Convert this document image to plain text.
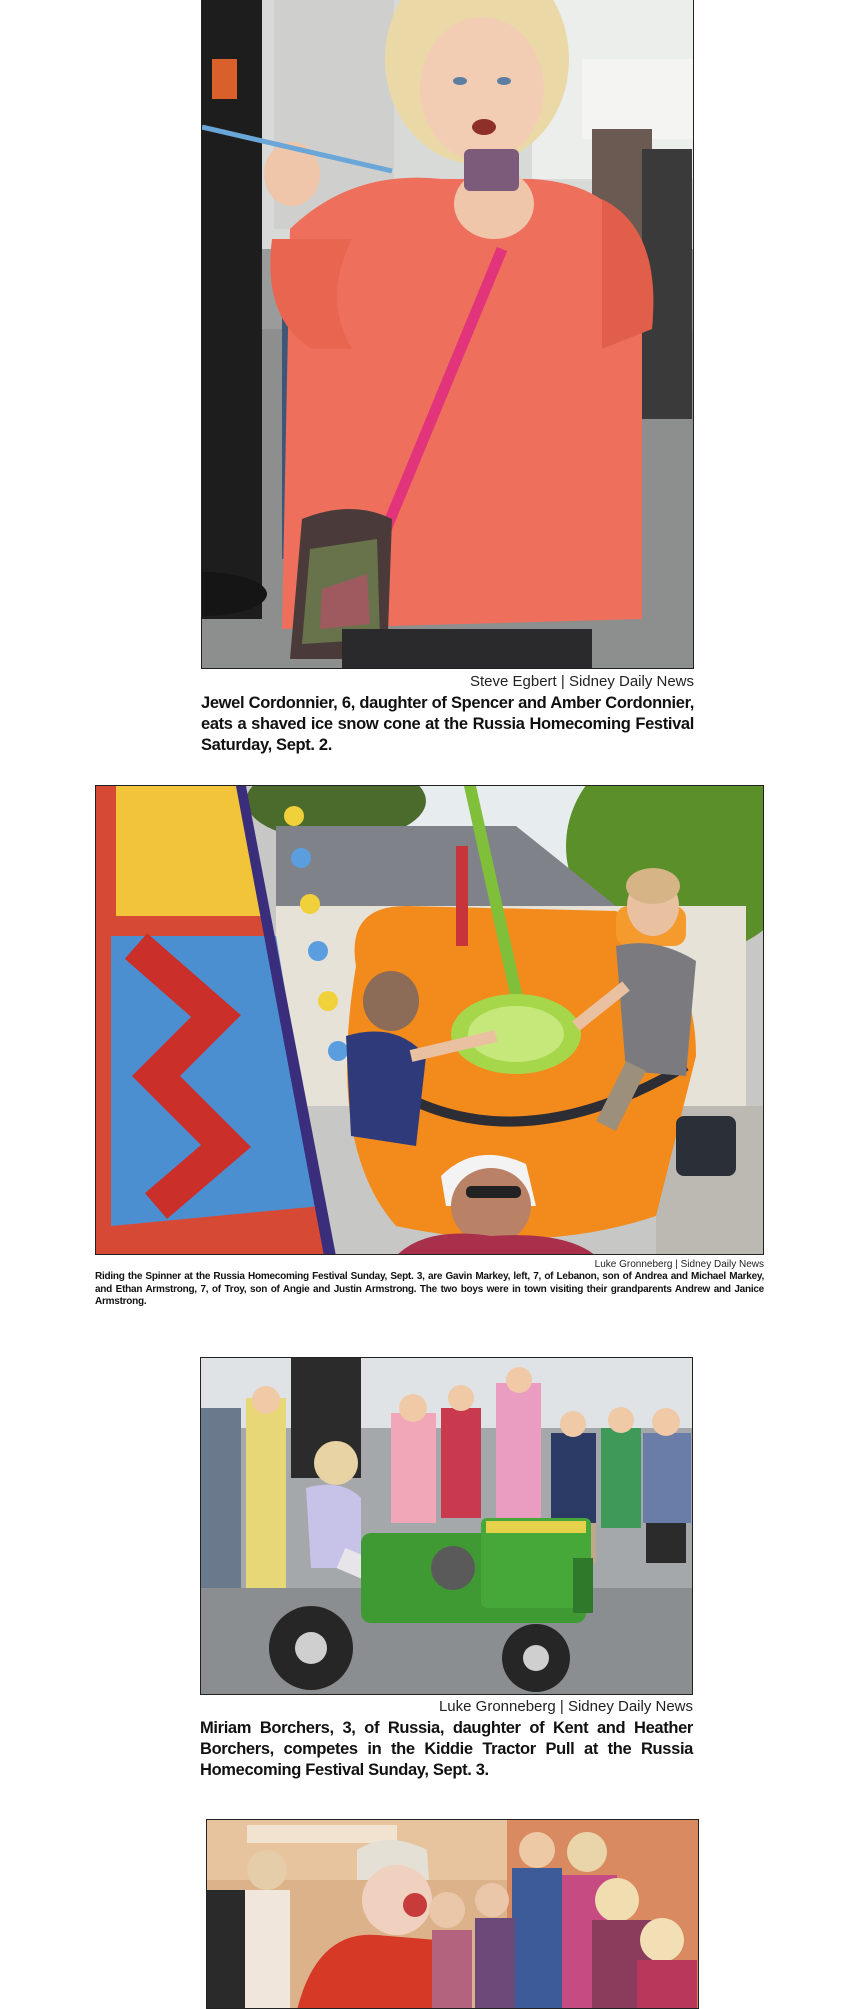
Steve Egbert | Sidney Daily News
Jewel Cordonnier, 6, daughter of Spencer and Amber Cordonnier, eats a shaved ice snow cone at the Russia Homecoming Festival Saturday, Sept. 2.
Luke Gronneberg | Sidney Daily News
Riding the Spinner at the Russia Homecoming Festival Sunday, Sept. 3, are Gavin Markey, left, 7, of Lebanon, son of Andrea and Michael Markey, and Ethan Armstrong, 7, of Troy, son of Angie and Justin Armstrong. The two boys were in town visiting their grandparents Andrew and Janice Armstrong.
Luke Gronneberg | Sidney Daily News
Miriam Borchers, 3, of Russia, daughter of Kent and Heather Borchers, competes in the Kiddie Tractor Pull at the Russia Homecoming Festival Sunday, Sept. 3.
